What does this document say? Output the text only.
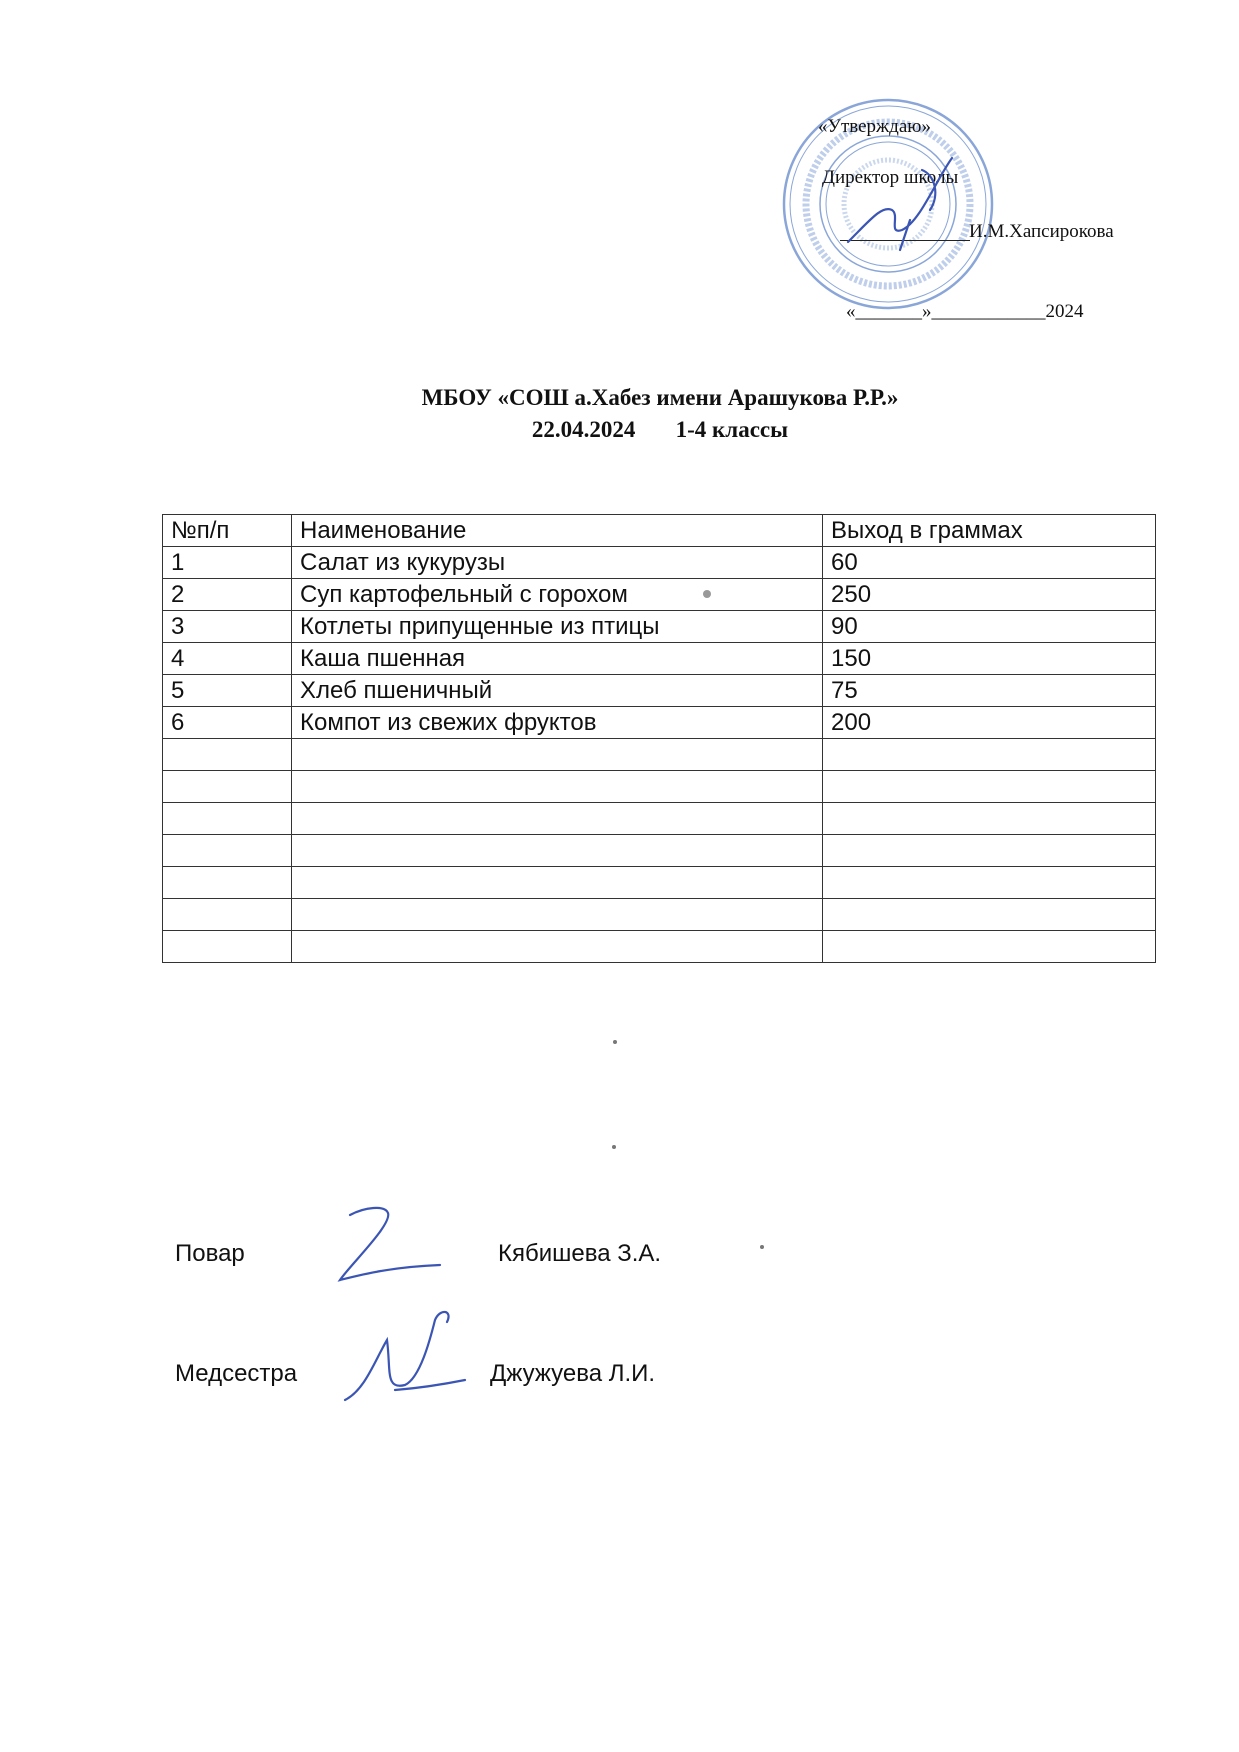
«Утверждаю»
Директор школы
И.М.Хапсирокова
«_______»____________2024
МБОУ «СОШ а.Хабез имени Арашукова Р.Р.»
22.04.2024 1-4 классы
№п/п	Наименование	Выход в граммах
1	Салат из кукурузы	60
2	Суп картофельный с горохом	250
3	Котлеты припущенные из птицы	90
4	Каша пшенная	150
5	Хлеб пшеничный	75
6	Компот из свежих фруктов	200

Повар	Кябишева З.А.
Медсестра	Джужуева Л.И.
